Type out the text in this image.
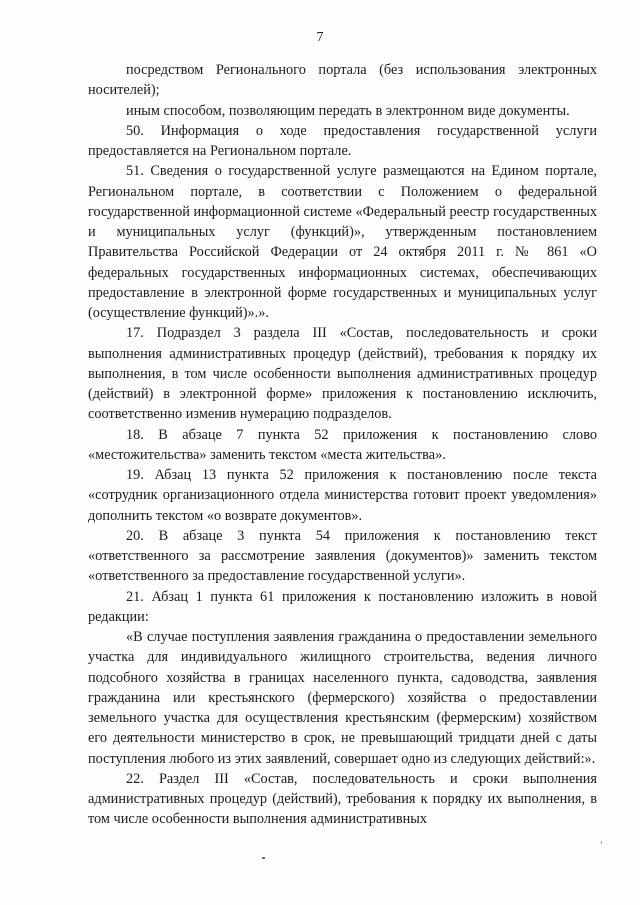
7

посредством Регионального портала (без использования электронных носителей);

иным способом, позволяющим передать в электронном виде документы.

50. Информация о ходе предоставления государственной услуги предоставляется на Региональном портале.

51. Сведения о государственной услуге размещаются на Едином портале, Региональном портале, в соответствии с Положением о федеральной государственной информационной системе «Федеральный реестр государственных и муниципальных услуг (функций)», утвержденным постановлением Правительства Российской Федерации от 24 октября 2011 г. № 861 «О федеральных государственных информационных системах, обеспечивающих предоставление в электронной форме государственных и муниципальных услуг (осуществление функций)».».

17. Подраздел 3 раздела III «Состав, последовательность и сроки выполнения административных процедур (действий), требования к порядку их выполнения, в том числе особенности выполнения административных процедур (действий) в электронной форме» приложения к постановлению исключить, соответственно изменив нумерацию подразделов.

18. В абзаце 7 пункта 52 приложения к постановлению слово «местожительства» заменить текстом «места жительства».

19. Абзац 13 пункта 52 приложения к постановлению после текста «сотрудник организационного отдела министерства готовит проект уведомления» дополнить текстом «о возврате документов».

20. В абзаце 3 пункта 54 приложения к постановлению текст «ответственного за рассмотрение заявления (документов)» заменить текстом «ответственного за предоставление государственной услуги».

21. Абзац 1 пункта 61 приложения к постановлению изложить в новой редакции:

«В случае поступления заявления гражданина о предоставлении земельного участка для индивидуального жилищного строительства, ведения личного подсобного хозяйства в границах населенного пункта, садоводства, заявления гражданина или крестьянского (фермерского) хозяйства о предоставлении земельного участка для осуществления крестьянским (фермерским) хозяйством его деятельности министерство в срок, не превышающий тридцати дней с даты поступления любого из этих заявлений, совершает одно из следующих действий:».

22. Раздел III «Состав, последовательность и сроки выполнения административных процедур (действий), требования к порядку их выполнения, в том числе особенности выполнения административных
